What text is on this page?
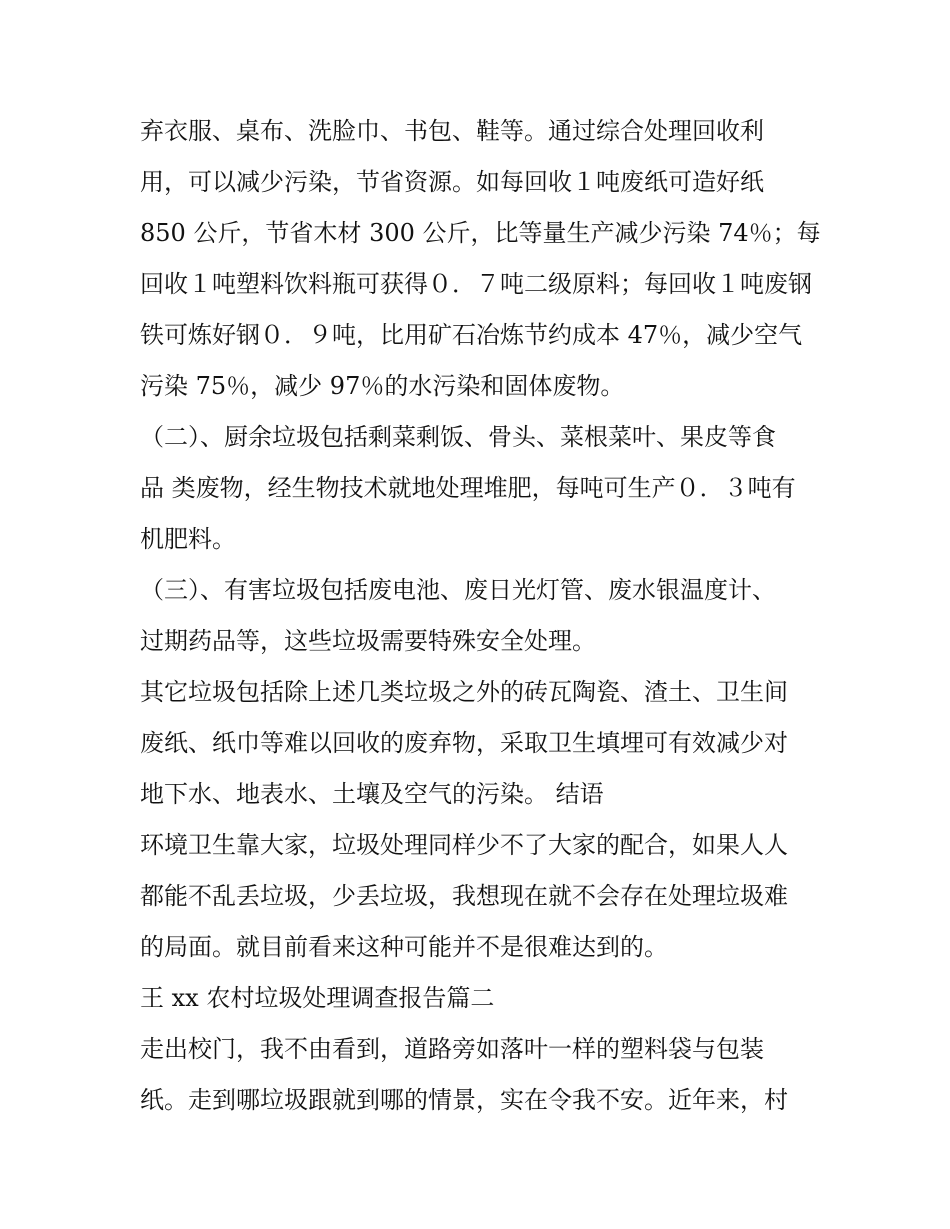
弃衣服、桌布、洗脸巾、书包、鞋等。通过综合处理回收利
用，可以减少污染，节省资源。如每回收１吨废纸可造好纸
850 公斤，节省木材 300 公斤，比等量生产减少污染 74％；每
回收１吨塑料饮料瓶可获得０．７吨二级原料；每回收１吨废钢
铁可炼好钢０．９吨，比用矿石冶炼节约成本 47％，减少空气
污染 75％，减少 97％的水污染和固体废物。
（二）、厨余垃圾包括剩菜剩饭、骨头、菜根菜叶、果皮等食
品 类废物，经生物技术就地处理堆肥，每吨可生产０．３吨有
机肥料。
（三）、有害垃圾包括废电池、废日光灯管、废水银温度计、
过期药品等，这些垃圾需要特殊安全处理。
其它垃圾包括除上述几类垃圾之外的砖瓦陶瓷、渣土、卫生间
废纸、纸巾等难以回收的废弃物，采取卫生填埋可有效减少对
地下水、地表水、土壤及空气的污染。 结语
环境卫生靠大家，垃圾处理同样少不了大家的配合，如果人人
都能不乱丢垃圾，少丢垃圾，我想现在就不会存在处理垃圾难
的局面。就目前看来这种可能并不是很难达到的。
王 xx 农村垃圾处理调查报告篇二
走出校门，我不由看到，道路旁如落叶一样的塑料袋与包装
纸。走到哪垃圾跟就到哪的情景，实在令我不安。近年来，村
